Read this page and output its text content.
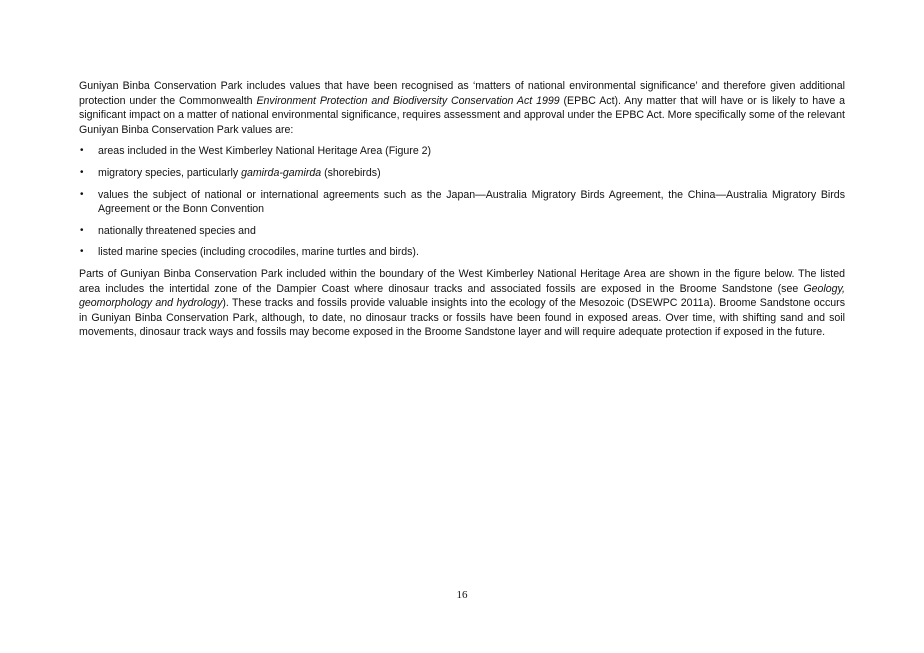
Guniyan Binba Conservation Park includes values that have been recognised as ‘matters of national environmental significance’ and therefore given additional protection under the Commonwealth Environment Protection and Biodiversity Conservation Act 1999 (EPBC Act). Any matter that will have or is likely to have a significant impact on a matter of national environmental significance, requires assessment and approval under the EPBC Act. More specifically some of the relevant Guniyan Binba Conservation Park values are:

• areas included in the West Kimberley National Heritage Area (Figure 2)
• migratory species, particularly gamirda-gamirda (shorebirds)
• values the subject of national or international agreements such as the Japan—Australia Migratory Birds Agreement, the China—Australia Migratory Birds Agreement or the Bonn Convention
• nationally threatened species and
• listed marine species (including crocodiles, marine turtles and birds).

Parts of Guniyan Binba Conservation Park included within the boundary of the West Kimberley National Heritage Area are shown in the figure below. The listed area includes the intertidal zone of the Dampier Coast where dinosaur tracks and associated fossils are exposed in the Broome Sandstone (see Geology, geomorphology and hydrology). These tracks and fossils provide valuable insights into the ecology of the Mesozoic (DSEWPC 2011a). Broome Sandstone occurs in Guniyan Binba Conservation Park, although, to date, no dinosaur tracks or fossils have been found in exposed areas. Over time, with shifting sand and soil movements, dinosaur track ways and fossils may become exposed in the Broome Sandstone layer and will require adequate protection if exposed in the future.

16
